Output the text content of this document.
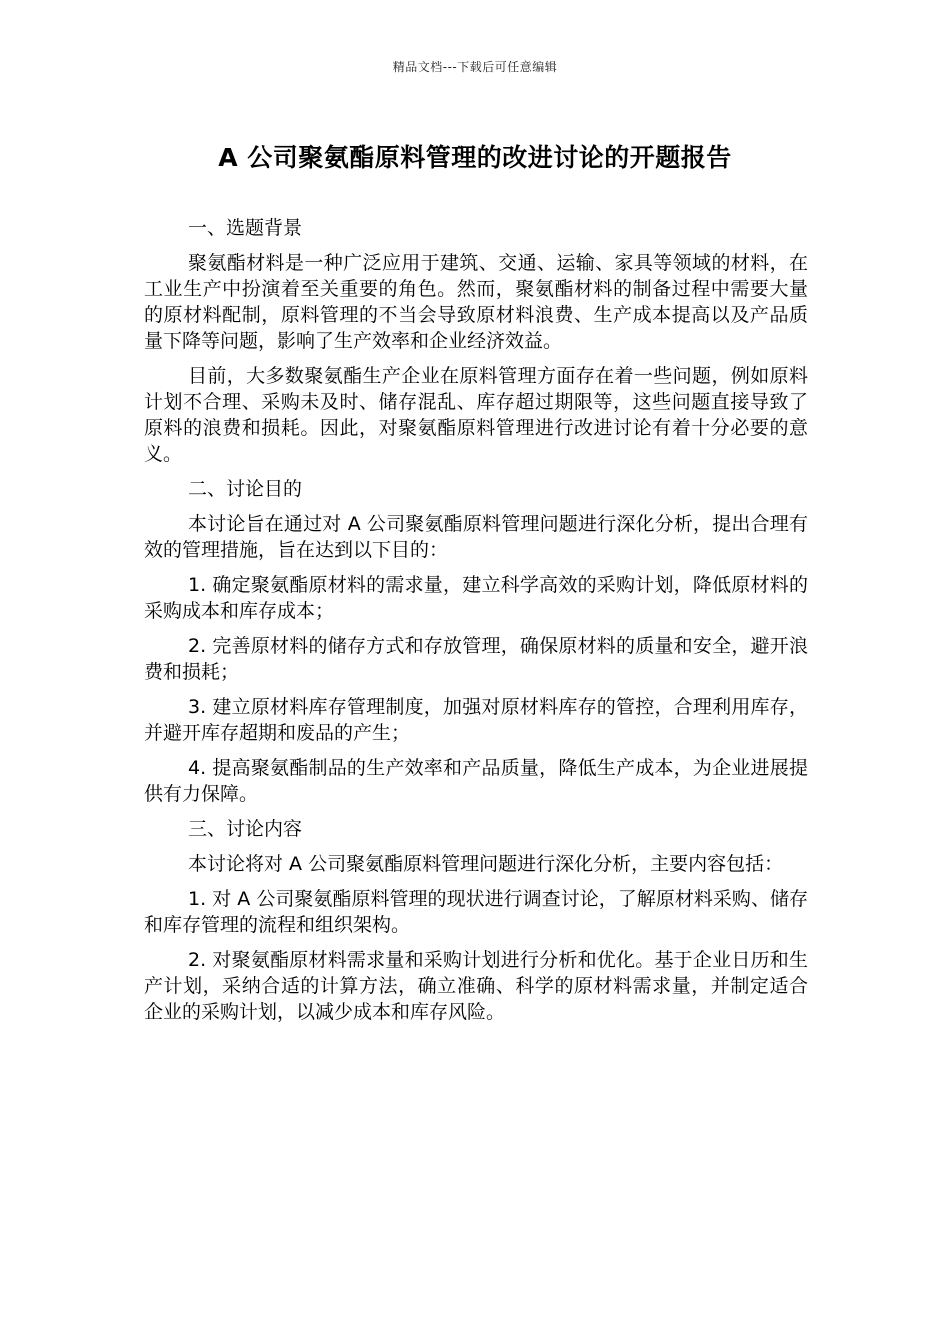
精品文档---下载后可任意编辑
A 公司聚氨酯原料管理的改进讨论的开题报告

一、选题背景

聚氨酯材料是一种广泛应用于建筑、交通、运输、家具等领域的材料，在工业生产中扮演着至关重要的角色。然而，聚氨酯材料的制备过程中需要大量的原材料配制，原料管理的不当会导致原材料浪费、生产成本提高以及产品质量下降等问题，影响了生产效率和企业经济效益。

目前，大多数聚氨酯生产企业在原料管理方面存在着一些问题，例如原料计划不合理、采购未及时、储存混乱、库存超过期限等，这些问题直接导致了原料的浪费和损耗。因此，对聚氨酯原料管理进行改进讨论有着十分必要的意义。

二、讨论目的

本讨论旨在通过对 A 公司聚氨酯原料管理问题进行深化分析，提出合理有效的管理措施，旨在达到以下目的：

1. 确定聚氨酯原材料的需求量，建立科学高效的采购计划，降低原材料的采购成本和库存成本；

2. 完善原材料的储存方式和存放管理，确保原材料的质量和安全，避开浪费和损耗；

3. 建立原材料库存管理制度，加强对原材料库存的管控，合理利用库存，并避开库存超期和废品的产生；

4. 提高聚氨酯制品的生产效率和产品质量，降低生产成本，为企业进展提供有力保障。

三、讨论内容

本讨论将对 A 公司聚氨酯原料管理问题进行深化分析，主要内容包括：

1. 对 A 公司聚氨酯原料管理的现状进行调查讨论，了解原材料采购、储存和库存管理的流程和组织架构。

2. 对聚氨酯原材料需求量和采购计划进行分析和优化。基于企业日历和生产计划，采纳合适的计算方法，确立准确、科学的原材料需求量，并制定适合企业的采购计划，以减少成本和库存风险。
